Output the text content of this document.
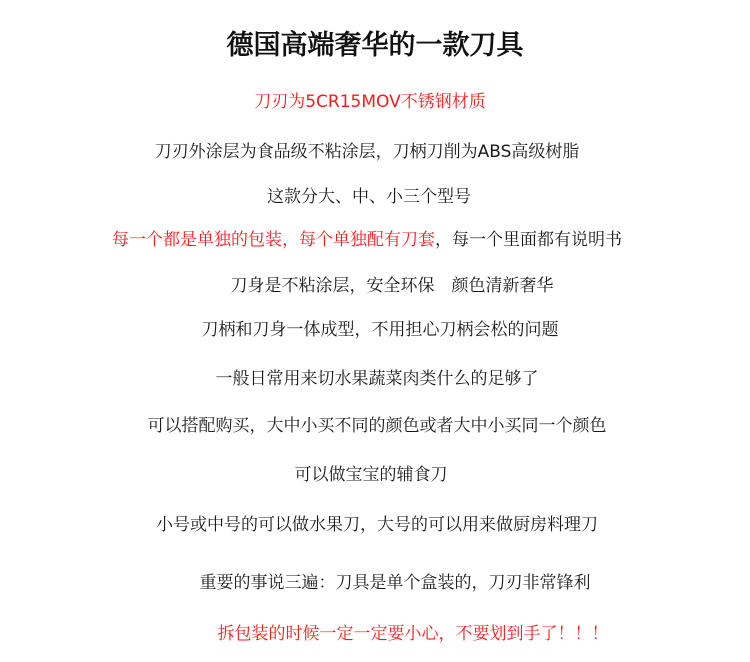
德国高端奢华的一款刀具
刀刃为5CR15MOV不锈钢材质
刀刃外涂层为食品级不粘涂层，刀柄刀削为ABS高级树脂
这款分大、中、小三个型号
每一个都是单独的包装，每个单独配有刀套，每一个里面都有说明书
刀身是不粘涂层，安全环保　颜色清新奢华
刀柄和刀身一体成型，不用担心刀柄会松的问题
一般日常用来切水果蔬菜肉类什么的足够了
可以搭配购买，大中小买不同的颜色或者大中小买同一个颜色
可以做宝宝的辅食刀
小号或中号的可以做水果刀，大号的可以用来做厨房料理刀
重要的事说三遍：刀具是单个盒装的，刀刃非常锋利
拆包装的时候一定一定要小心，不要划到手了！！！
